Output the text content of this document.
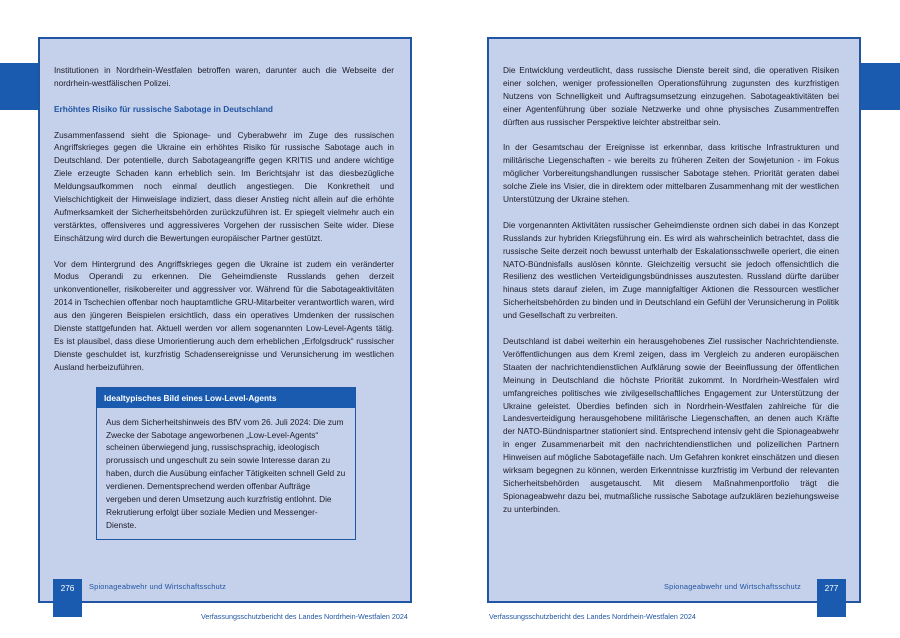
Institutionen in Nordrhein-Westfalen betroffen waren, darunter auch die Webseite der nordrhein-westfälischen Polizei.

Erhöhtes Risiko für russische Sabotage in Deutschland

Zusammenfassend sieht die Spionage- und Cyberabwehr im Zuge des russischen Angriffskrieges gegen die Ukraine ein erhöhtes Risiko für russische Sabotage auch in Deutschland. Der potentielle, durch Sabotageangriffe gegen KRITIS und andere wichtige Ziele erzeugte Schaden kann erheblich sein. Im Berichtsjahr ist das diesbezügliche Meldungsaufkommen noch einmal deutlich angestiegen. Die Konkretheit und Vielschichtigkeit der Hinweislage indiziert, dass dieser Anstieg nicht allein auf die erhöhte Aufmerksamkeit der Sicherheitsbehörden zurückzuführen ist. Er spiegelt vielmehr auch ein verstärktes, offensiveres und aggressiveres Vorgehen der russischen Seite wider. Diese Einschätzung wird durch die Bewertungen europäischer Partner gestützt.

Vor dem Hintergrund des Angriffskrieges gegen die Ukraine ist zudem ein veränderter Modus Operandi zu erkennen. Die Geheimdienste Russlands gehen derzeit unkonventioneller, risikobereiter und aggressiver vor. Während für die Sabotageaktivitäten 2014 in Tschechien offenbar noch hauptamtliche GRU-Mitarbeiter verantwortlich waren, wird aus den jüngeren Beispielen ersichtlich, dass ein operatives Umdenken der russischen Dienste stattgefunden hat. Aktuell werden vor allem sogenannten Low-Level-Agents tätig. Es ist plausibel, dass diese Umorientierung auch dem erheblichen „Erfolgsdruck“ russischer Dienste geschuldet ist, kurzfristig Schadensereignisse und Verunsicherung im westlichen Ausland herbeizuführen.

Idealtypisches Bild eines Low-Level-Agents
Aus dem Sicherheitshinweis des BfV vom 26. Juli 2024: Die zum Zwecke der Sabotage angeworbenen „Low-Level-Agents“ scheinen überwiegend jung, russischsprachig, ideologisch prorussisch und ungeschult zu sein sowie Interesse daran zu haben, durch die Ausübung einfacher Tätigkeiten schnell Geld zu verdienen. Dementsprechend werden offenbar Aufträge vergeben und deren Umsetzung auch kurzfristig entlohnt. Die Rekrutierung erfolgt über soziale Medien und Messenger-Dienste.

Die Entwicklung verdeutlicht, dass russische Dienste bereit sind, die operativen Risiken einer solchen, weniger professionellen Operationsführung zugunsten des kurzfristigen Nutzens von Schnelligkeit und Auftragsumsetzung einzugehen. Sabotageaktivitäten bei einer Agentenführung über soziale Netzwerke und ohne physisches Zusammentreffen dürften aus russischer Perspektive leichter abstreitbar sein.

In der Gesamtschau der Ereignisse ist erkennbar, dass kritische Infrastrukturen und militärische Liegenschaften - wie bereits zu früheren Zeiten der Sowjetunion - im Fokus möglicher Vorbereitungshandlungen russischer Sabotage stehen. Priorität geraten dabei solche Ziele ins Visier, die in direktem oder mittelbaren Zusammenhang mit der westlichen Unterstützung der Ukraine stehen.

Die vorgenannten Aktivitäten russischer Geheimdienste ordnen sich dabei in das Konzept Russlands zur hybriden Kriegsführung ein. Es wird als wahrscheinlich betrachtet, dass die russische Seite derzeit noch bewusst unterhalb der Eskalationsschwelle operiert, die einen NATO-Bündnisfalls auslösen könnte. Gleichzeitig versucht sie jedoch offensichtlich die Resilienz des westlichen Verteidigungsbündnisses auszutesten. Russland dürfte darüber hinaus stets darauf zielen, im Zuge mannigfaltiger Aktionen die Ressourcen westlicher Sicherheitsbehörden zu binden und in Deutschland ein Gefühl der Verunsicherung in Politik und Gesellschaft zu verbreiten.

Deutschland ist dabei weiterhin ein herausgehobenes Ziel russischer Nachrichtendienste. Veröffentlichungen aus dem Kreml zeigen, dass im Vergleich zu anderen europäischen Staaten der nachrichtendienstlichen Aufklärung sowie der Beeinflussung der öffentlichen Meinung in Deutschland die höchste Priorität zukommt. In Nordrhein-Westfalen wird umfangreiches politisches wie zivilgesellschaftliches Engagement zur Unterstützung der Ukraine geleistet. Überdies befinden sich in Nordrhein-Westfalen zahlreiche für die Landesverteidigung herausgehobene militärische Liegenschaften, an denen auch Kräfte der NATO-Bündnispartner stationiert sind. Entsprechend intensiv geht die Spionageabwehr in enger Zusammenarbeit mit den nachrichtendienstlichen und polizeilichen Partnern Hinweisen auf mögliche Sabotagefälle nach. Um Gefahren konkret einschätzen und diesen wirksam begegnen zu können, werden Erkenntnisse kurzfristig im Verbund der relevanten Sicherheitsbehörden ausgetauscht. Mit diesem Maßnahmenportfolio trägt die Spionageabwehr dazu bei, mutmaßliche russische Sabotage aufzuklären beziehungsweise zu unterbinden.

276	277
Spionageabwehr und Wirtschaftsschutz	Spionageabwehr und Wirtschaftsschutz
Verfassungsschutzbericht des Landes Nordrhein-Westfalen 2024	Verfassungsschutzbericht des Landes Nordrhein-Westfalen 2024
